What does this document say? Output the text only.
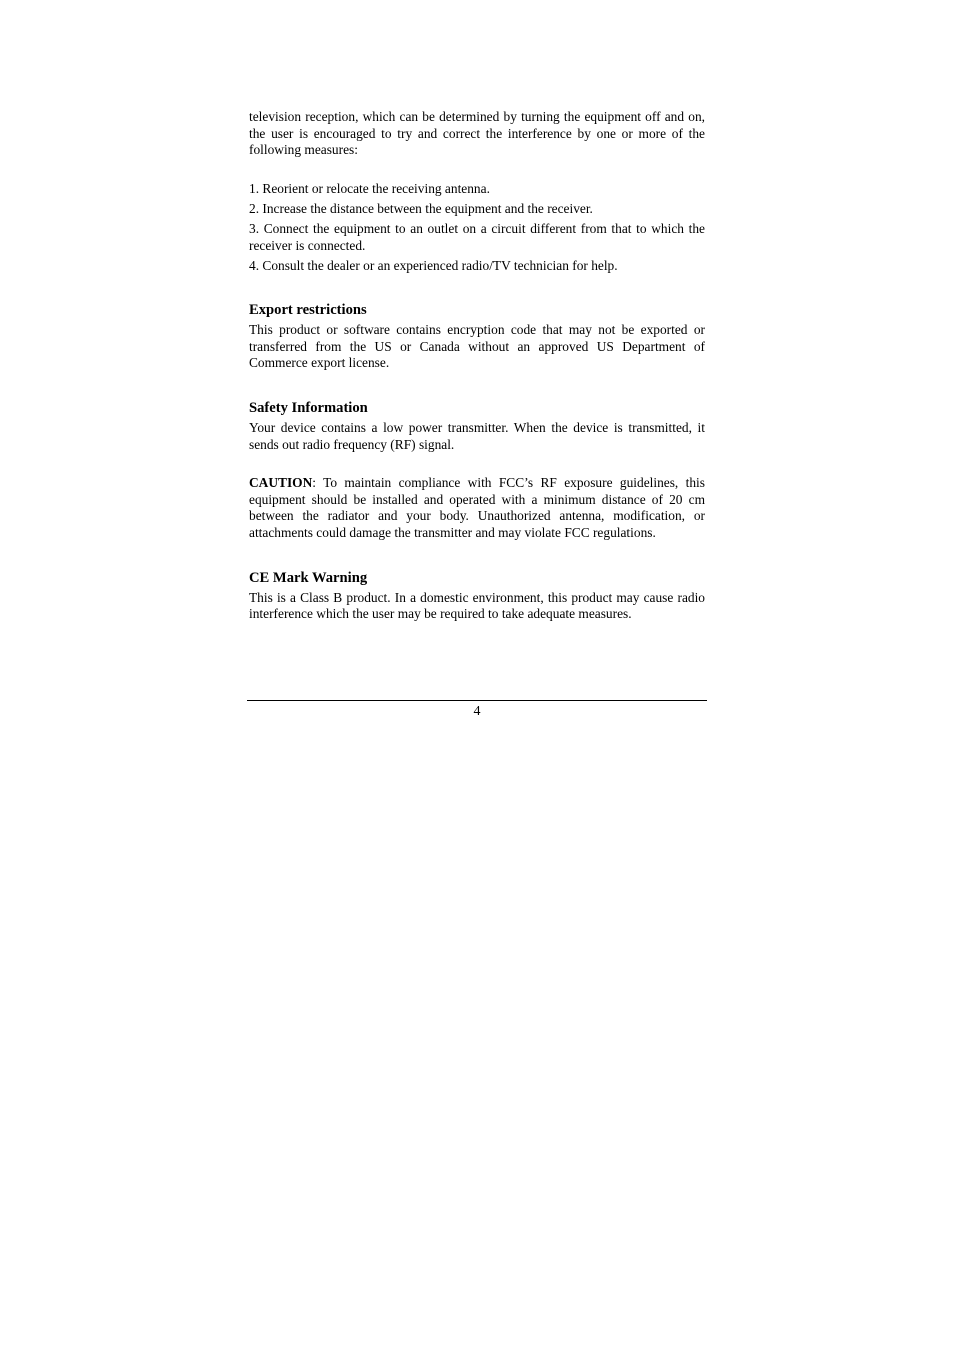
television reception, which can be determined by turning the equipment off and on, the user is encouraged to try and correct the interference by one or more of the following measures:

1. Reorient or relocate the receiving antenna.

2. Increase the distance between the equipment and the receiver.

3. Connect the equipment to an outlet on a circuit different from that to which the receiver is connected.

4. Consult the dealer or an experienced radio/TV technician for help.

Export restrictions

This product or software contains encryption code that may not be exported or transferred from the US or Canada without an approved US Department of Commerce export license.

Safety Information

Your device contains a low power transmitter. When the device is transmitted, it sends out radio frequency (RF) signal.

CAUTION: To maintain compliance with FCC’s RF exposure guidelines, this equipment should be installed and operated with a minimum distance of 20 cm between the radiator and your body. Unauthorized antenna, modification, or attachments could damage the transmitter and may violate FCC regulations.

CE Mark Warning

This is a Class B product. In a domestic environment, this product may cause radio interference which the user may be required to take adequate measures.

4
